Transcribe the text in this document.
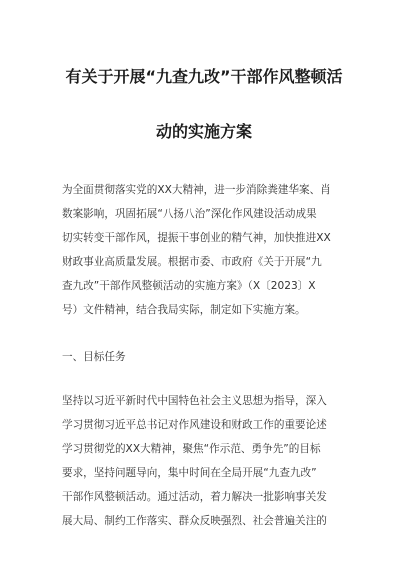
有关于开展“九查九改”干部作风整顿活
动的实施方案
为全面贯彻落实党的XX大精神，进一步消除粪建华案、肖
数案影响，巩固拓展“八扬八治”深化作风建设活动成果
切实转变干部作风，提振干事创业的精气神，加快推进XX
财政事业高质量发展。根据市委、市政府《关于开展“九
查九改”干部作风整顿活动的实施方案》（X〔2023〕X
号）文件精神，结合我局实际，制定如下实施方案。
一、目标任务
坚持以习近平新时代中国特色社会主义思想为指导，深入
学习贯彻习近平总书记对作风建设和财政工作的重要论述
学习贯彻党的XX大精神，聚焦“作示范、勇争先”的目标
要求，坚持问题导向，集中时间在全局开展“九查九改”
干部作风整顿活动。通过活动，着力解决一批影响事关发
展大局、制约工作落实、群众反映强烈、社会普遍关注的
